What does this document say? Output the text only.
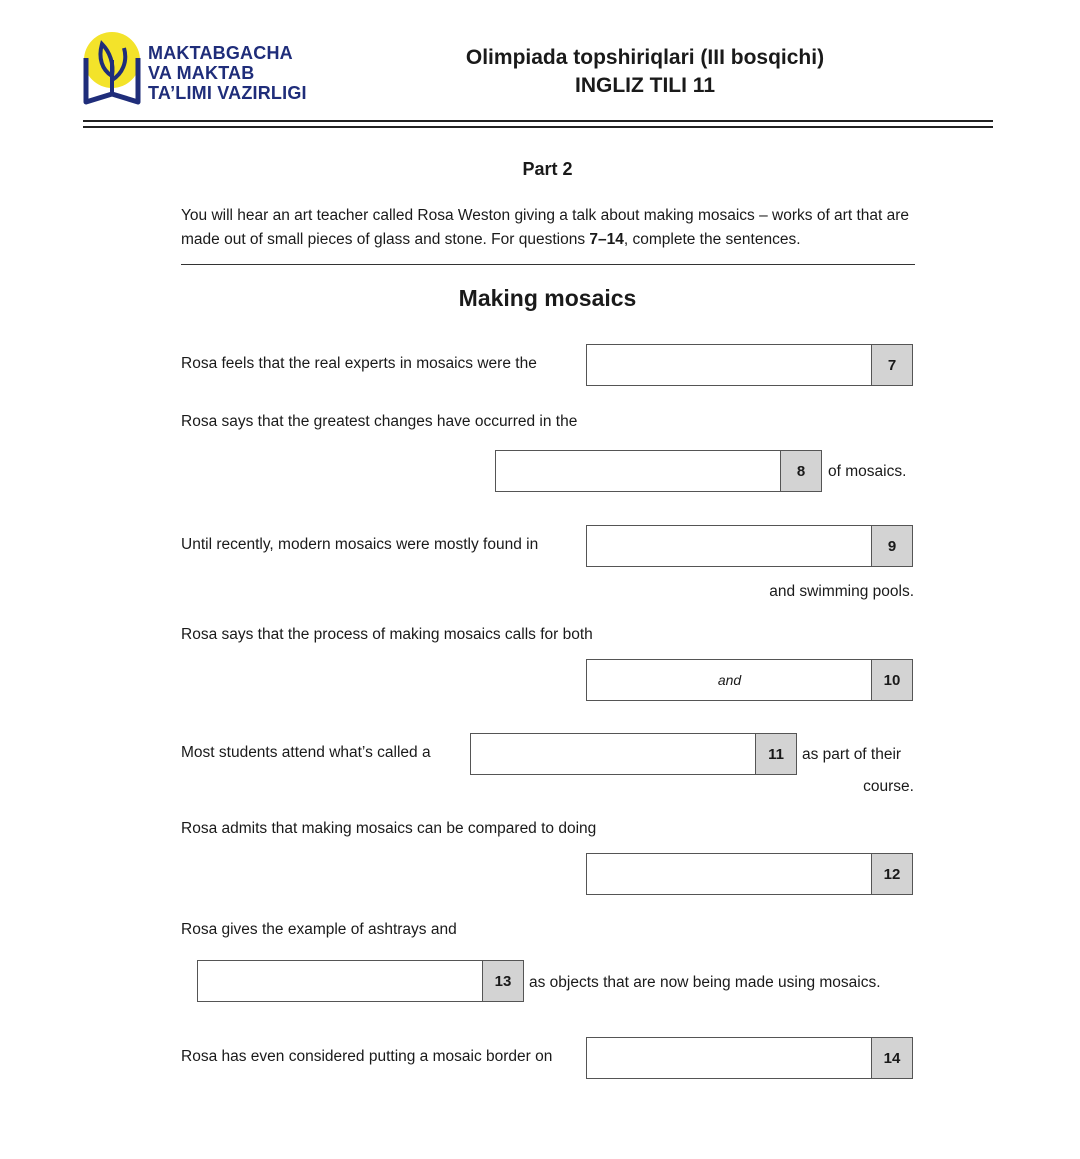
MAKTABGACHA
VA MAKTAB
TA’LIMI VAZIRLIGI
Olimpiada topshiriqlari (III bosqichi)
INGLIZ TILI 11
Part 2
You will hear an art teacher called Rosa Weston giving a talk about making mosaics – works of art that are made out of small pieces of glass and stone. For questions 7–14, complete the sentences.
Making mosaics
Rosa feels that the real experts in mosaics were the	7
Rosa says that the greatest changes have occurred in the
8	of mosaics.
Until recently, modern mosaics were mostly found in	9
and swimming pools.
Rosa says that the process of making mosaics calls for both
and	10
Most students attend what’s called a	11	as part of their
course.
Rosa admits that making mosaics can be compared to doing
12
Rosa gives the example of ashtrays and
13	as objects that are now being made using mosaics.
Rosa has even considered putting a mosaic border on	14
